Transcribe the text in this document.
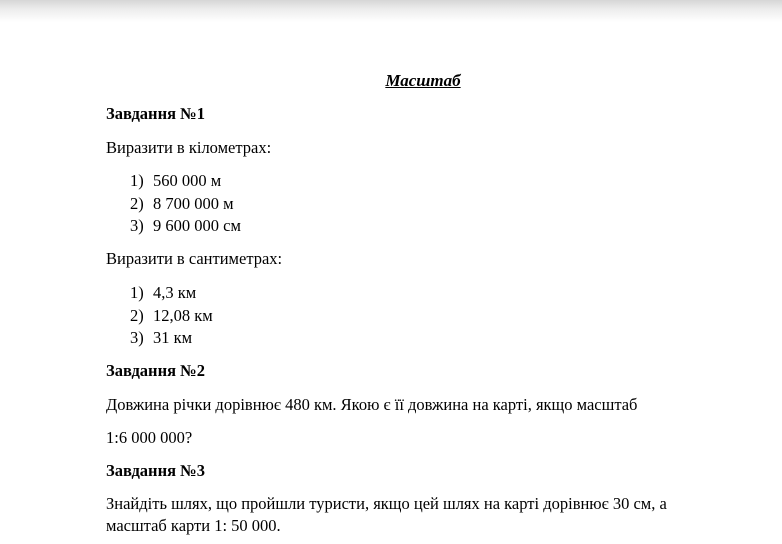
Масштаб
Завдання №1
Виразити в кілометрах:
1) 560 000 м
2) 8 700 000 м
3) 9 600 000 см
Виразити в сантиметрах:
1) 4,3 км
2) 12,08 км
3) 31 км
Завдання №2
Довжина річки дорівнює 480 км. Якою є її довжина на карті, якщо масштаб
1:6 000 000?
Завдання №3
Знайдіть шлях, що пройшли туристи, якщо цей шлях на карті дорівнює 30 см, а
масштаб карти 1: 50 000.
